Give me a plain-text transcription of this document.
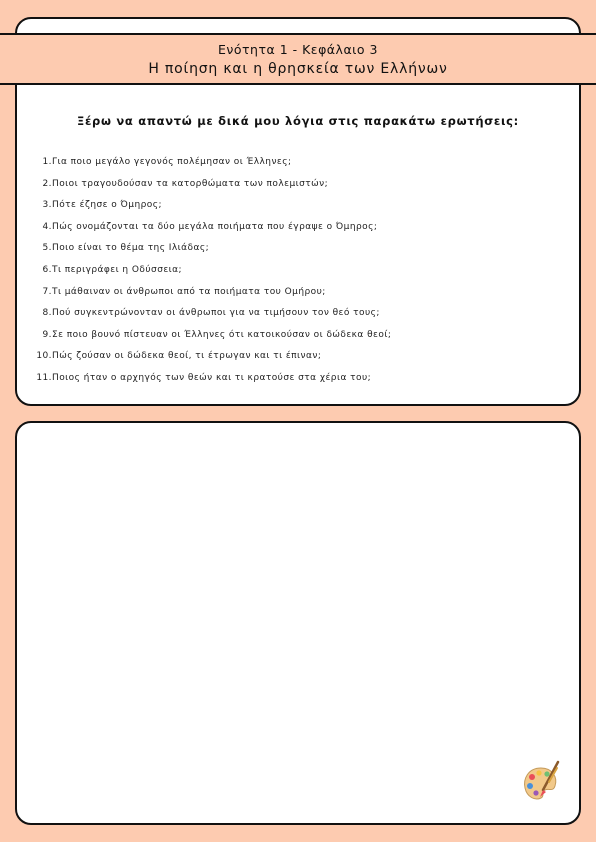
Ενότητα 1 - Κεφάλαιο 3
Η ποίηση και η θρησκεία των Ελλήνων
Ξέρω να απαντώ με δικά μου λόγια στις παρακάτω ερωτήσεις:
1.Για ποιο μεγάλο γεγονός πολέμησαν οι Έλληνες;
2.Ποιοι τραγουδούσαν τα κατορθώματα των πολεμιστών;
3.Πότε έζησε ο Όμηρος;
4.Πώς ονομάζονται τα δύο μεγάλα ποιήματα που έγραψε ο Όμηρος;
5.Ποιο είναι το θέμα της Ιλιάδας;
6.Τι περιγράφει η Οδύσσεια;
7.Τι μάθαιναν οι άνθρωποι από τα ποιήματα του Ομήρου;
8.Πού συγκεντρώνονταν οι άνθρωποι για να τιμήσουν τον θεό τους;
9.Σε ποιο βουνό πίστευαν οι Έλληνες ότι κατοικούσαν οι δώδεκα θεοί;
10.Πώς ζούσαν οι δώδεκα θεοί, τι έτρωγαν και τι έπιναν;
11.Ποιος ήταν ο αρχηγός των θεών και τι κρατούσε στα χέρια του;
